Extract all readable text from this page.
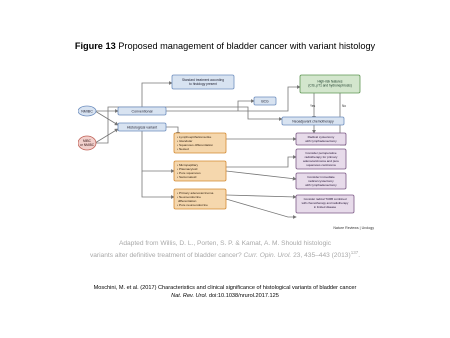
Figure 13 Proposed management of bladder cancer with variant histology
NMIBC
MIBC or NMIBC
Conventional
Histological variant
Standard treatment according to histology present
High-risk features (CIS, pT1 and hydronephrosis)
Yes	No
BCG
Neoadjuvant chemotherapy
• Lymphoepithelioma-like • Glandular • Squamous differentiation • Nested
• Micropapillary • Plasmacytoid • Pure squamous • Sarcomatoid
• Primary adenocarcinoma • Neuroendocrine differentiation • Pure neuroendocrine
Radical cystectomy with lymphadenectomy
Consider perioperative radiotherapy for primary adenocarcinoma and pure squamous carcinoma
Consider immediate radical cystectomy with lymphadenectomy
Consider radical TURB combined with chemotherapy and radiotherapy in limited disease
Nature Reviews | Urology
Adapted from Willis, D. L., Porten, S. P. & Kamat, A. M. Should histologic
variants alter definitive treatment of bladder cancer? Curr. Opin. Urol. 23, 435–443 $(2013)^{137}$.
Moschini, M. et al. (2017) Characteristics and clinical significance of histological variants of bladder cancer
Nat. Rev. Urol. doi:10.1038/nrurol.2017.125
